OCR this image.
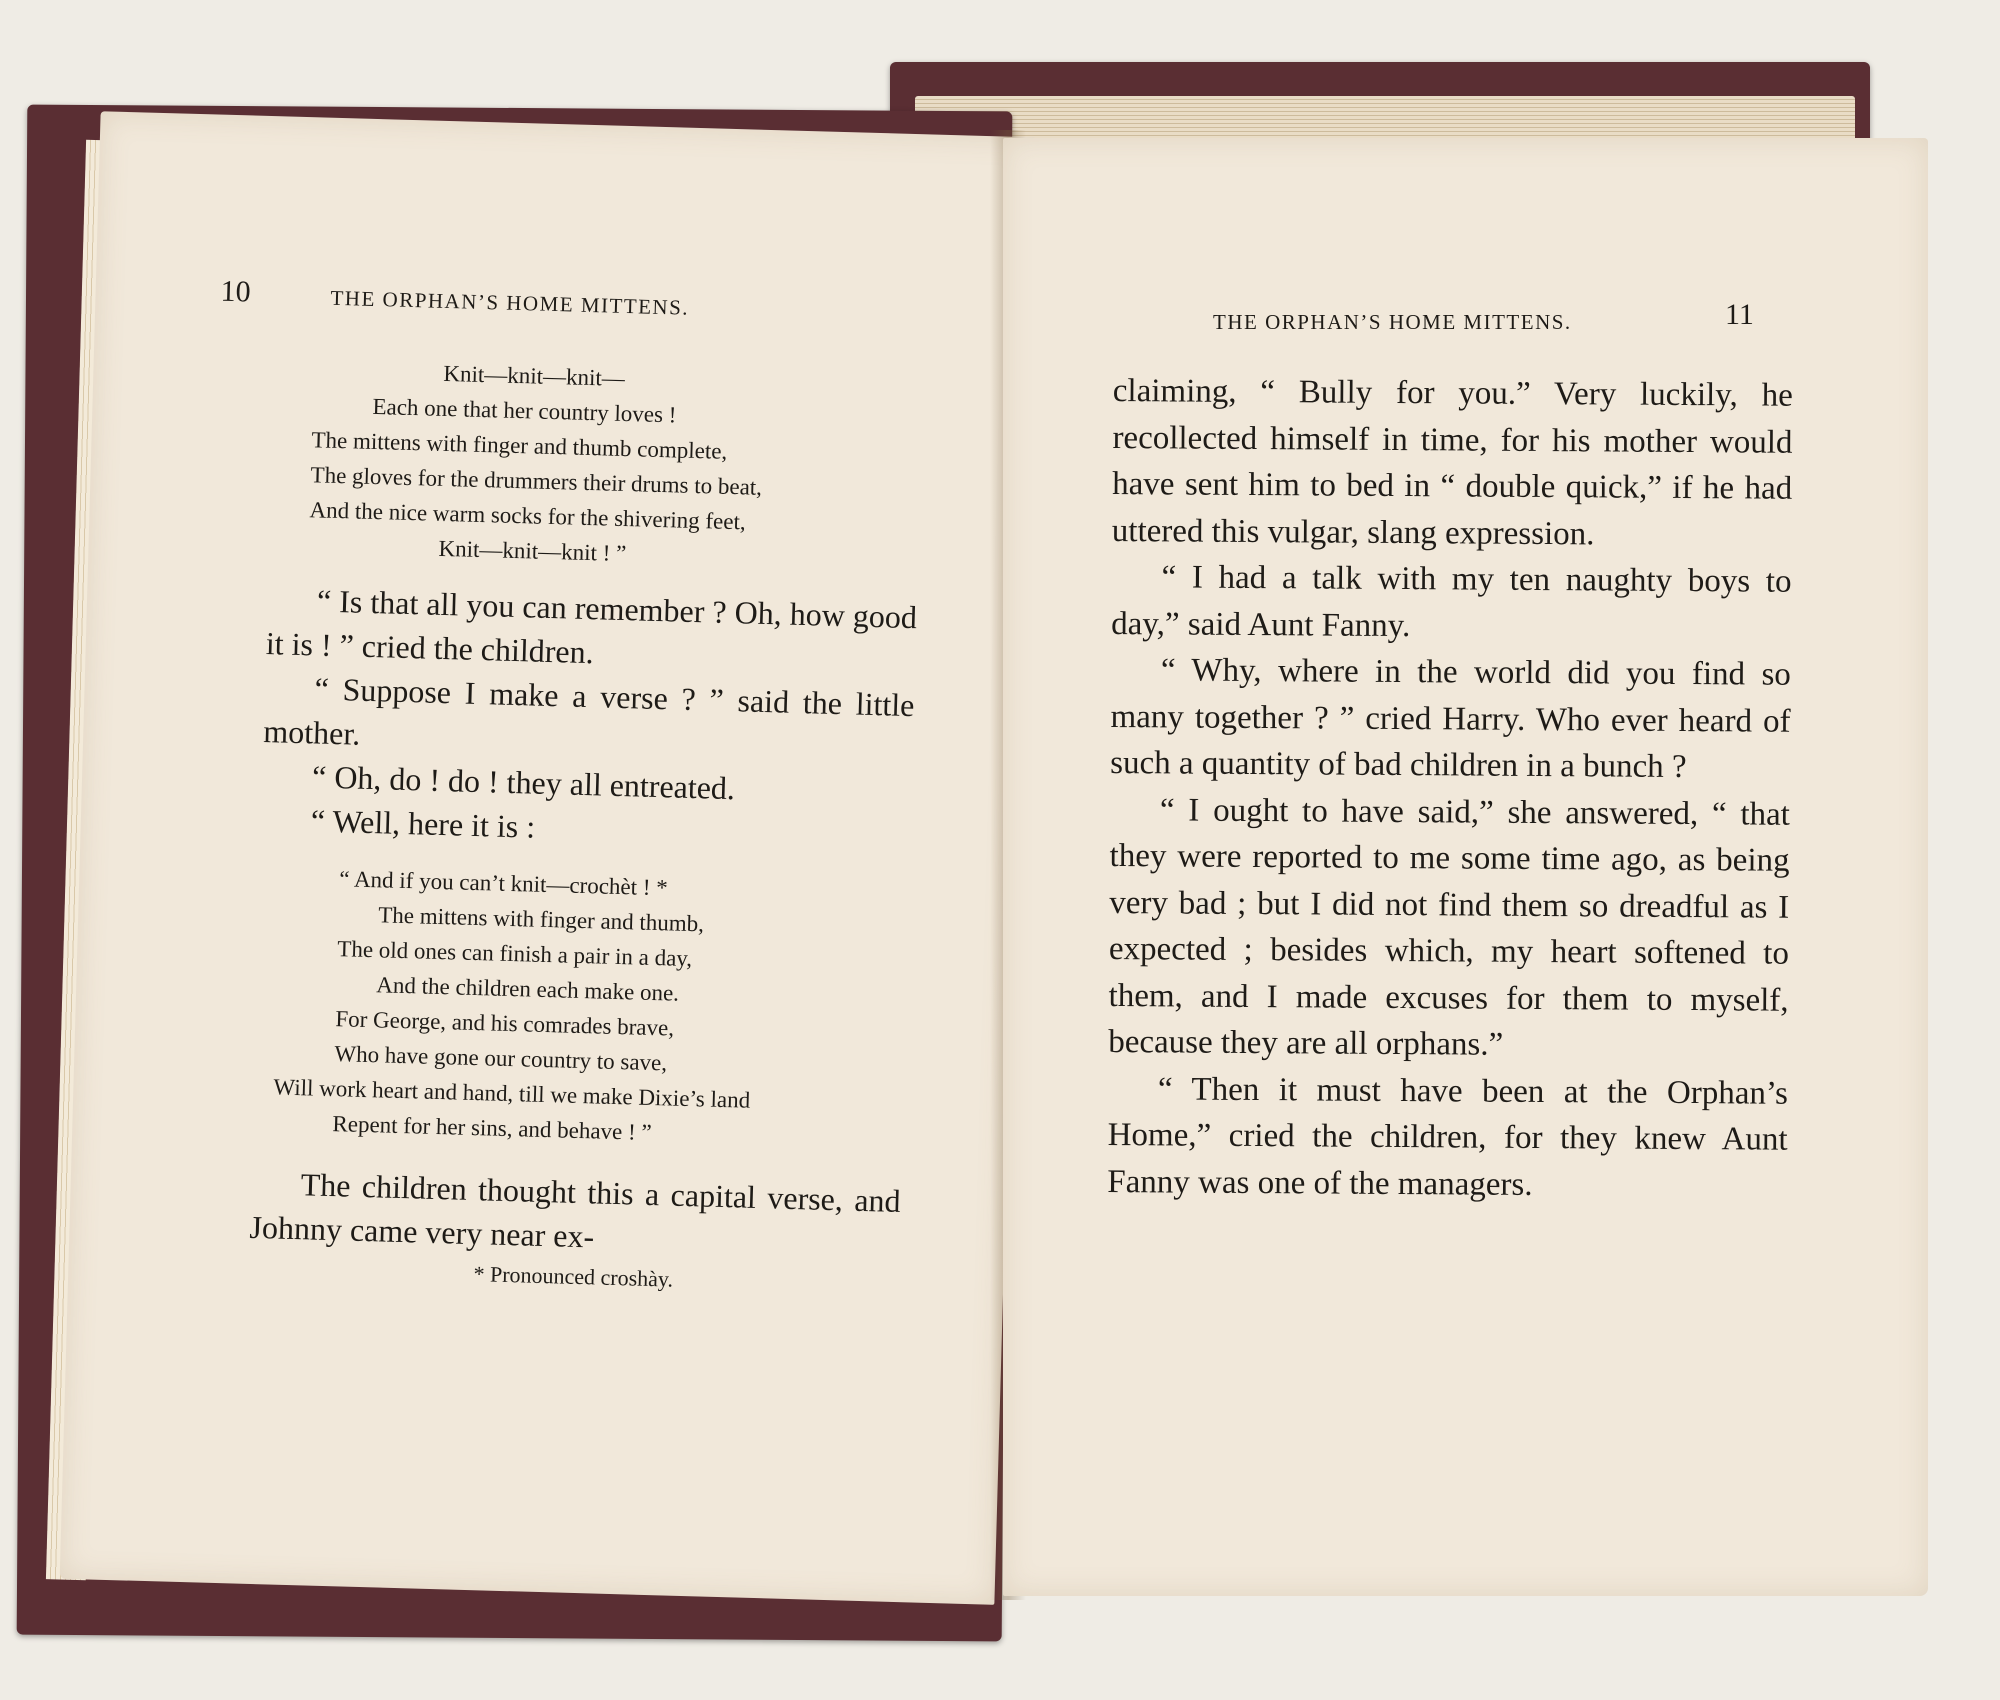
10	THE ORPHAN’S HOME MITTENS.
Knit—knit—knit—
Each one that her country loves !
The mittens with finger and thumb complete,
The gloves for the drummers their drums to beat,
And the nice warm socks for the shivering feet,
Knit—knit—knit ! ”

“ Is that all you can remember ? Oh, how good it is ! ” cried the children.

“ Suppose I make a verse ? ” said the little mother.

“ Oh, do ! do ! they all entreated.

“ Well, here it is :

“ And if you can’t knit—crochèt ! *
The mittens with finger and thumb,
The old ones can finish a pair in a day,
And the children each make one.
For George, and his comrades brave,
Who have gone our country to save,
Will work heart and hand, till we make Dixie’s land
Repent for her sins, and behave ! ”

The children thought this a capital verse, and Johnny came very near ex-

* Pronounced croshày.
THE ORPHAN’S HOME MITTENS.	11

claiming, “ Bully for you.” Very luckily, he recollected himself in time, for his mother would have sent him to bed in “ double quick,” if he had uttered this vulgar, slang expression.

“ I had a talk with my ten naughty boys to day,” said Aunt Fanny.

“ Why, where in the world did you find so many together ? ” cried Harry. Who ever heard of such a quantity of bad children in a bunch ?

“ I ought to have said,” she answered, “ that they were reported to me some time ago, as being very bad ; but I did not find them so dreadful as I expected ; besides which, my heart softened to them, and I made excuses for them to myself, because they are all orphans.”

“ Then it must have been at the Orphan’s Home,” cried the children, for they knew Aunt Fanny was one of the managers.
